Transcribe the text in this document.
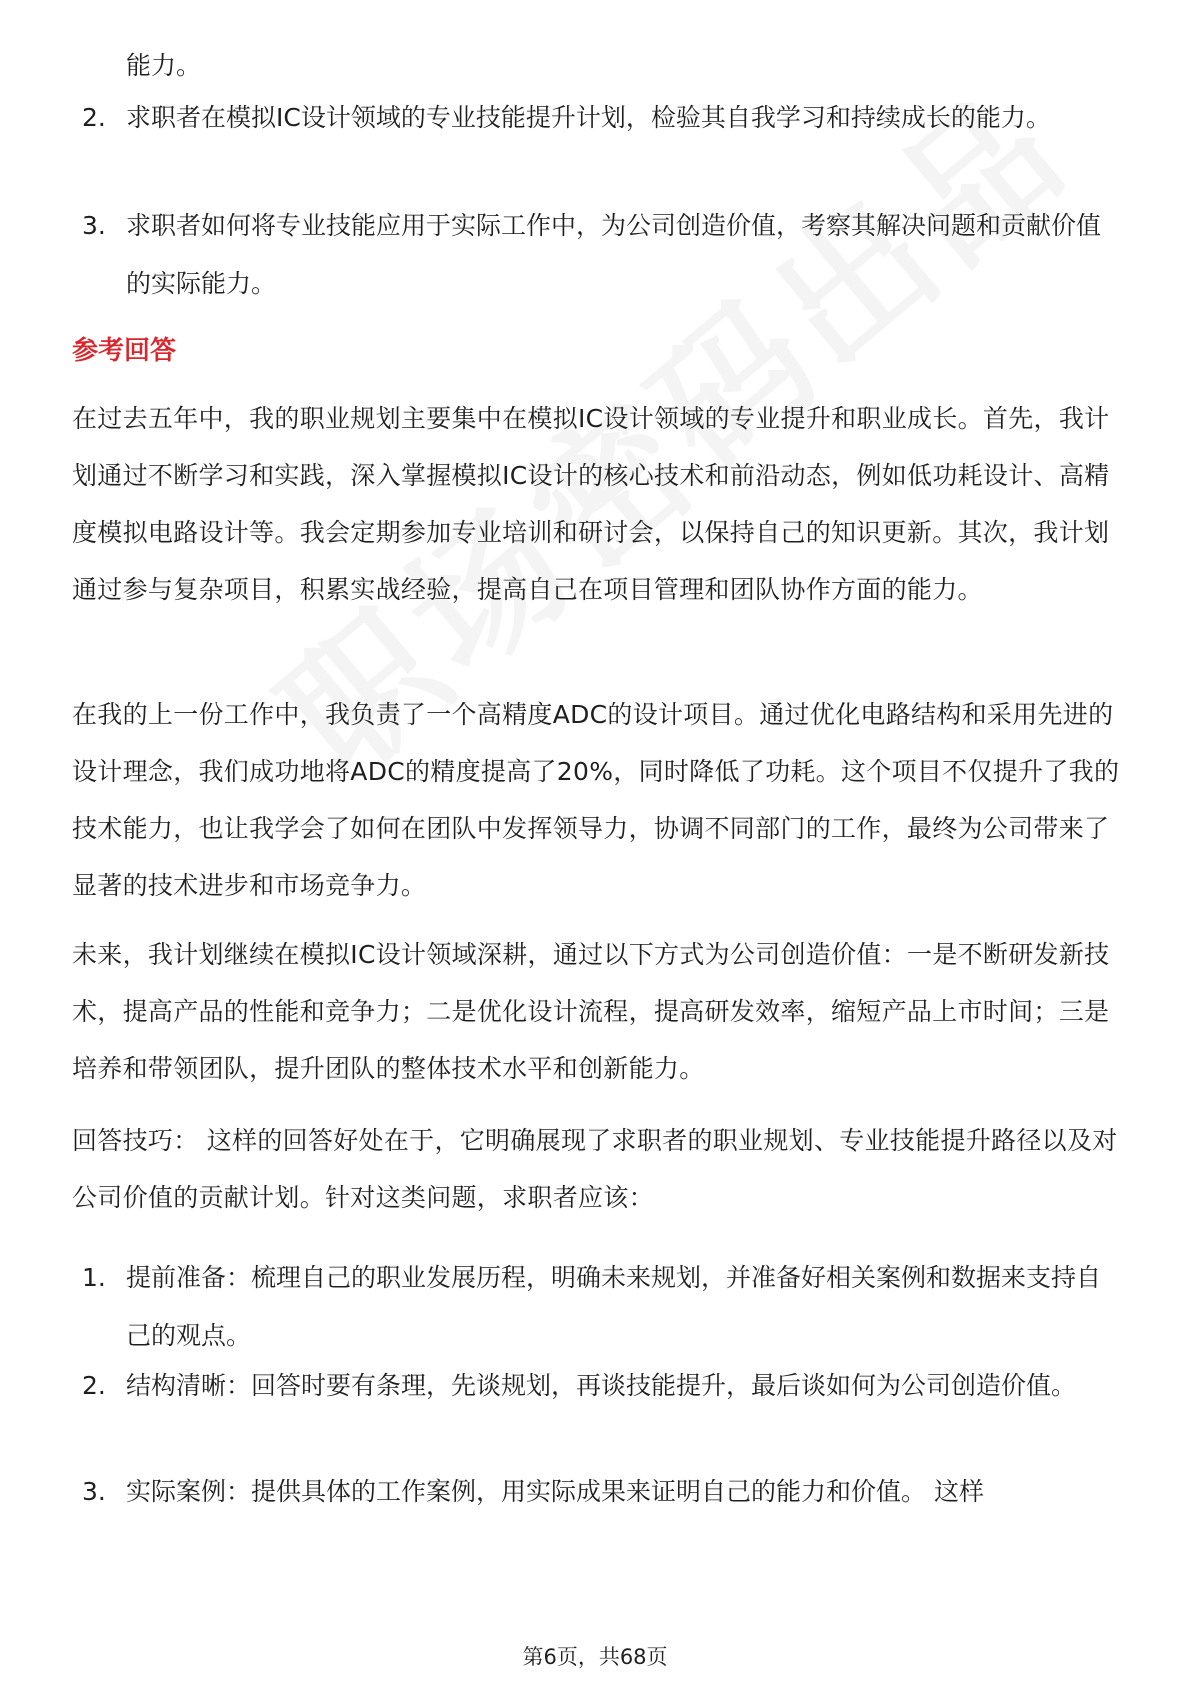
能力。
2. 求职者在模拟IC设计领域的专业技能提升计划，检验其自我学习和持续成长的能力。
3. 求职者如何将专业技能应用于实际工作中，为公司创造价值，考察其解决问题和贡献价值的实际能力。
参考回答

在过去五年中，我的职业规划主要集中在模拟IC设计领域的专业提升和职业成长。首先，我计划通过不断学习和实践，深入掌握模拟IC设计的核心技术和前沿动态，例如低功耗设计、高精度模拟电路设计等。我会定期参加专业培训和研讨会，以保持自己的知识更新。其次，我计划通过参与复杂项目，积累实战经验，提高自己在项目管理和团队协作方面的能力。

在我的上一份工作中，我负责了一个高精度ADC的设计项目。通过优化电路结构和采用先进的设计理念，我们成功地将ADC的精度提高了20%，同时降低了功耗。这个项目不仅提升了我的技术能力，也让我学会了如何在团队中发挥领导力，协调不同部门的工作，最终为公司带来了显著的技术进步和市场竞争力。

未来，我计划继续在模拟IC设计领域深耕，通过以下方式为公司创造价值：一是不断研发新技术，提高产品的性能和竞争力；二是优化设计流程，提高研发效率，缩短产品上市时间；三是培养和带领团队，提升团队的整体技术水平和创新能力。

回答技巧： 这样的回答好处在于，它明确展现了求职者的职业规划、专业技能提升路径以及对公司价值的贡献计划。针对这类问题，求职者应该：

1. 提前准备：梳理自己的职业发展历程，明确未来规划，并准备好相关案例和数据来支持自己的观点。
2. 结构清晰：回答时要有条理，先谈规划，再谈技能提升，最后谈如何为公司创造价值。
3. 实际案例：提供具体的工作案例，用实际成果来证明自己的能力和价值。 这样
第6页，共68页
